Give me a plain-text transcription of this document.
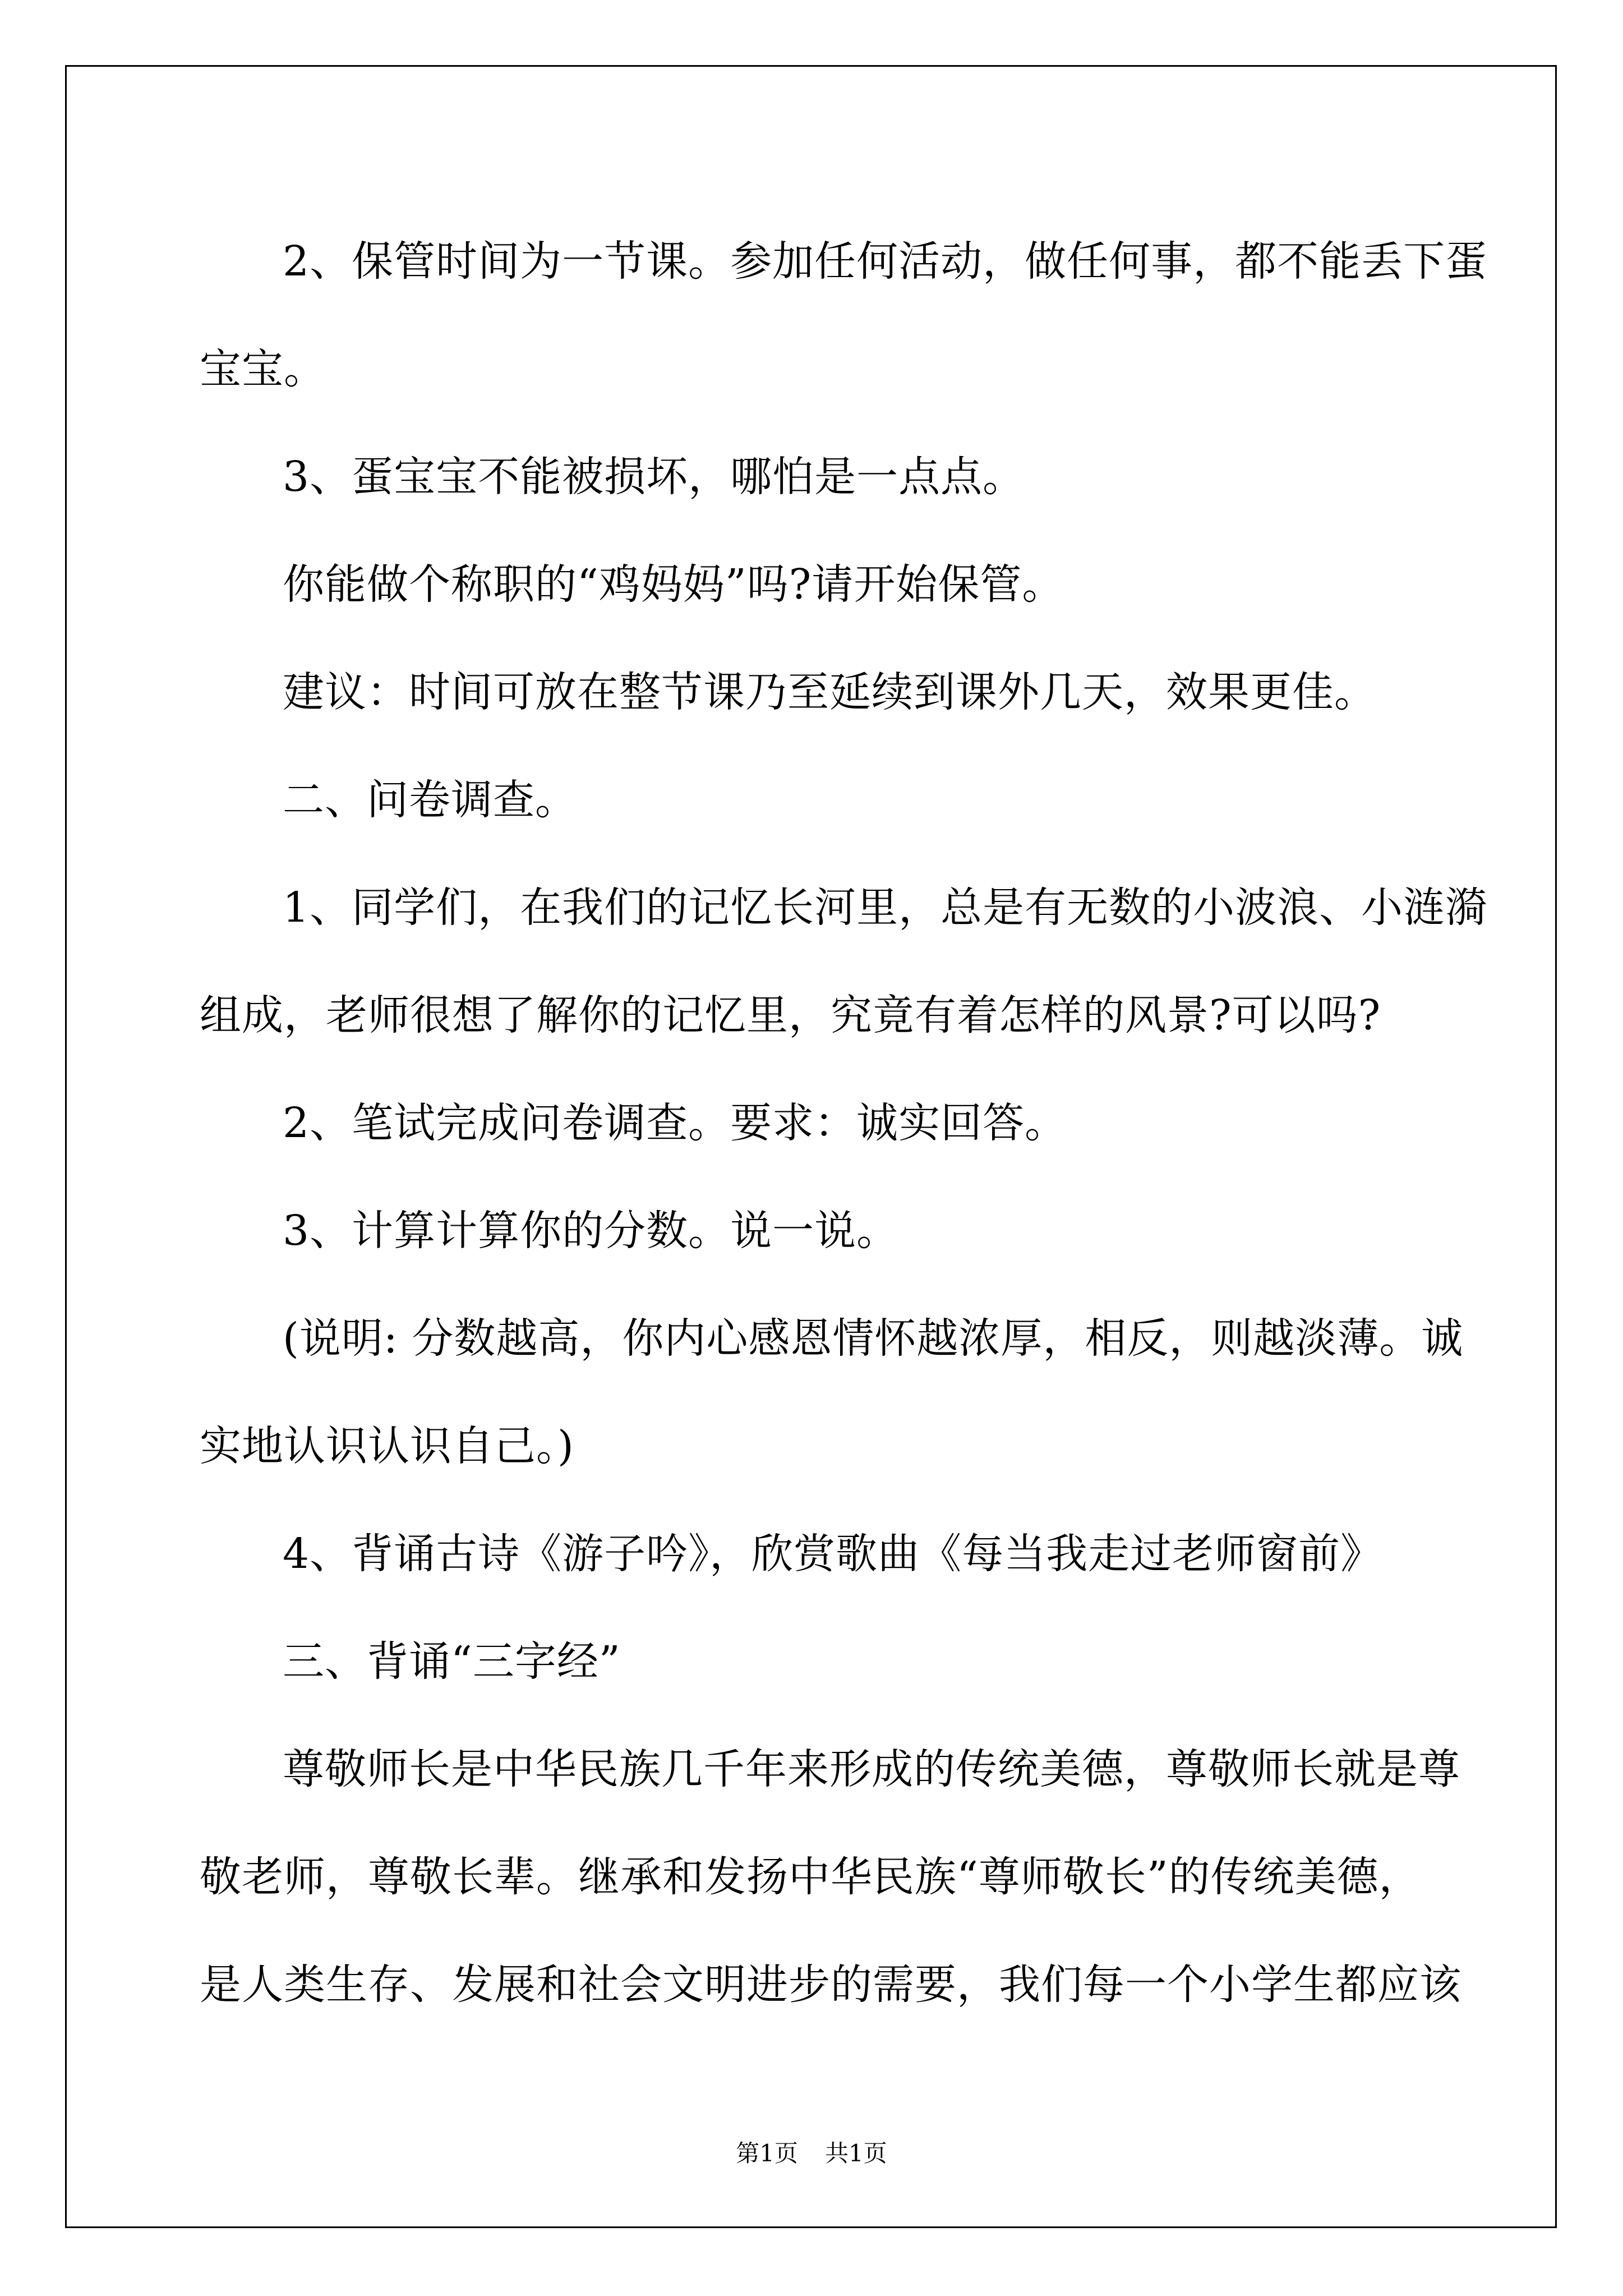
2、保管时间为一节课。参加任何活动，做任何事，都不能丢下蛋

宝宝。

3、蛋宝宝不能被损坏，哪怕是一点点。

你能做个称职的“鸡妈妈”吗?请开始保管。

建议：时间可放在整节课乃至延续到课外几天，效果更佳。

二、问卷调查。

1、同学们，在我们的记忆长河里，总是有无数的小波浪、小涟漪

组成，老师很想了解你的记忆里，究竟有着怎样的风景?可以吗?

2、笔试完成问卷调查。要求：诚实回答。

3、计算计算你的分数。说一说。

(说明: 分数越高，你内心感恩情怀越浓厚，相反，则越淡薄。诚

实地认识认识自己。)

4、背诵古诗《游子吟》，欣赏歌曲《每当我走过老师窗前》

三、背诵“三字经”

尊敬师长是中华民族几千年来形成的传统美德，尊敬师长就是尊

敬老师，尊敬长辈。继承和发扬中华民族“尊师敬长”的传统美德，

是人类生存、发展和社会文明进步的需要，我们每一个小学生都应该

第1页 共1页
